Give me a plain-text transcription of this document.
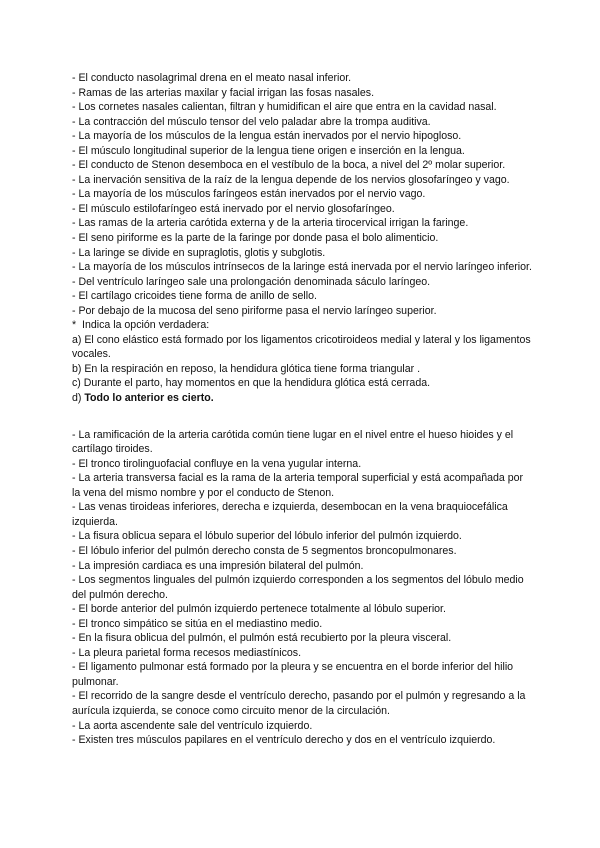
- El conducto nasolagrimal drena en el meato nasal inferior.

- Ramas de las arterias maxilar y facial irrigan las fosas nasales.

- Los cornetes nasales calientan, filtran y humidifican el aire que entra en la cavidad nasal.

- La contracción del músculo tensor del velo paladar abre la trompa auditiva.

- La mayoría de los músculos de la lengua están inervados por el nervio hipogloso.

- El músculo longitudinal superior de la lengua tiene origen e inserción en la lengua.

- El conducto de Stenon desemboca en el vestíbulo de la boca, a nivel del 2º molar superior.

- La inervación sensitiva de la raíz de la lengua depende de los nervios glosofaríngeo y vago.

- La mayoría de los músculos faríngeos están inervados por el nervio vago.

- El músculo estilofaríngeo está inervado por el nervio glosofaríngeo.

- Las ramas de la arteria carótida externa y de la arteria tirocervical irrigan la faringe.

- El seno piriforme es la parte de la faringe por donde pasa el bolo alimenticio.

- La laringe se divide en supraglotis, glotis y subglotis.

- La mayoría de los músculos intrínsecos de la laringe está inervada por el nervio laríngeo inferior.

- Del ventrículo laríngeo sale una prolongación denominada sáculo laríngeo.

- El cartílago cricoides tiene forma de anillo de sello.

- Por debajo de la mucosa del seno piriforme pasa el nervio laríngeo superior.

*  Indica la opción verdadera:

a) El cono elástico está formado por los ligamentos cricotiroideos medial y lateral y los ligamentos vocales.

b) En la respiración en reposo, la hendidura glótica tiene forma triangular .

c) Durante el parto, hay momentos en que la hendidura glótica está cerrada.

d) Todo lo anterior es cierto.

- La ramificación de la arteria carótida común tiene lugar en el nivel entre el hueso hioides y el cartílago tiroides.

- El tronco tirolinguofacial confluye en la vena yugular interna.

- La arteria transversa facial es la rama de la arteria temporal superficial y está acompañada por la vena del mismo nombre y por el conducto de Stenon.

- Las venas tiroideas inferiores, derecha e izquierda, desembocan en la vena braquiocefálica izquierda.

- La fisura oblicua separa el lóbulo superior del lóbulo inferior del pulmón izquierdo.

- El lóbulo inferior del pulmón derecho consta de 5 segmentos broncopulmonares.

- La impresión cardiaca es una impresión bilateral del pulmón.

- Los segmentos linguales del pulmón izquierdo corresponden a los segmentos del lóbulo medio del pulmón derecho.

- El borde anterior del pulmón izquierdo pertenece totalmente al lóbulo superior.

- El tronco simpático se sitúa en el mediastino medio.

- En la fisura oblicua del pulmón, el pulmón está recubierto por la pleura visceral.

- La pleura parietal forma recesos mediastínicos.

- El ligamento pulmonar está formado por la pleura y se encuentra en el borde inferior del hilio pulmonar.

- El recorrido de la sangre desde el ventrículo derecho, pasando por el pulmón y regresando a la aurícula izquierda, se conoce como circuito menor de la circulación.

- La aorta ascendente sale del ventrículo izquierdo.

- Existen tres músculos papilares en el ventrículo derecho y dos en el ventrículo izquierdo.
